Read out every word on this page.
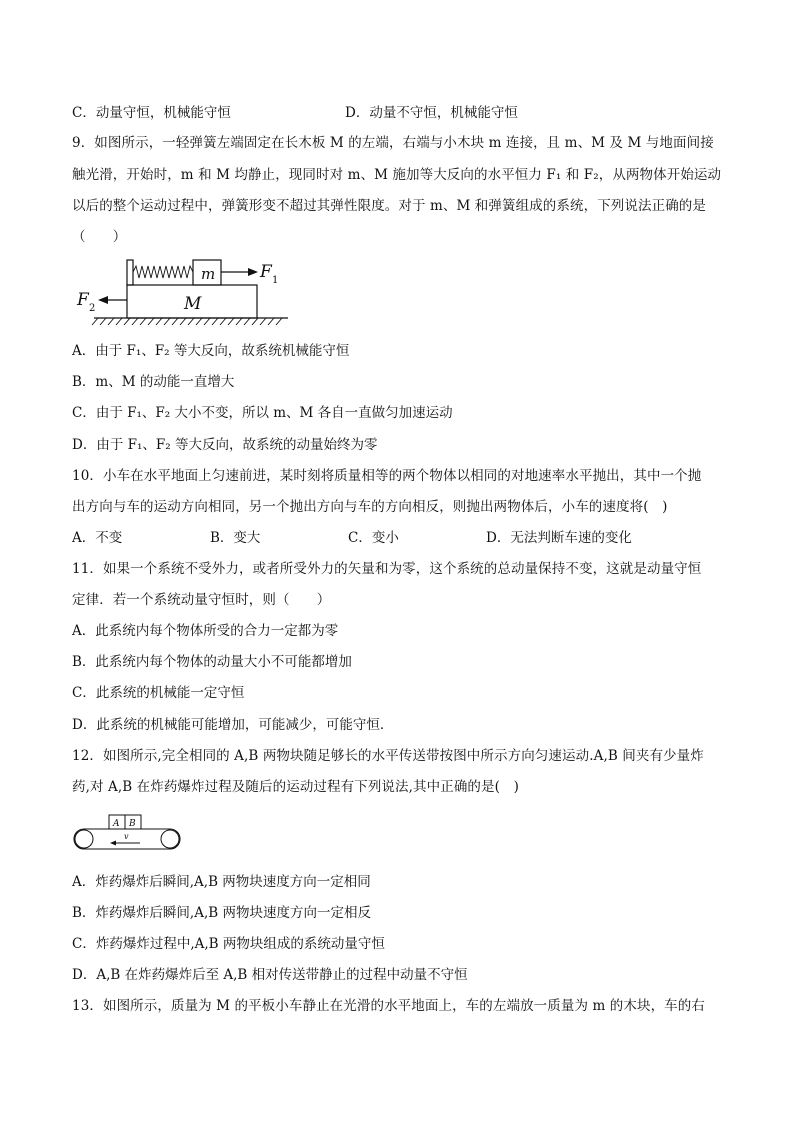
C．动量守恒，机械能守恒	D．动量不守恒，机械能守恒
9．如图所示，一轻弹簧左端固定在长木板 M 的左端，右端与小木块 m 连接，且 m、M 及 M 与地面间接
触光滑，开始时，m 和 M 均静止，现同时对 m、M 施加等大反向的水平恒力 F₁ 和 F₂，从两物体开始运动
以后的整个运动过程中，弹簧形变不超过其弹性限度。对于 m、M 和弹簧组成的系统，下列说法正确的是
（　　）
m	F 1
M
F 2
A．由于 F₁、F₂ 等大反向，故系统机械能守恒
B．m、M 的动能一直增大
C．由于 F₁、F₂ 大小不变，所以 m、M 各自一直做匀加速运动
D．由于 F₁、F₂ 等大反向，故系统的动量始终为零
10．小车在水平地面上匀速前进，某时刻将质量相等的两个物体以相同的对地速率水平抛出，其中一个抛
出方向与车的运动方向相同，另一个抛出方向与车的方向相反，则抛出两物体后，小车的速度将(　)
A．不变	B．变大	C．变小	D．无法判断车速的变化
11．如果一个系统不受外力，或者所受外力的矢量和为零，这个系统的总动量保持不变，这就是动量守恒
定律．若一个系统动量守恒时，则（　　）
A．此系统内每个物体所受的合力一定都为零
B．此系统内每个物体的动量大小不可能都增加
C．此系统的机械能一定守恒
D．此系统的机械能可能增加，可能减少，可能守恒．
12．如图所示,完全相同的 A,B 两物块随足够长的水平传送带按图中所示方向匀速运动.A,B 间夹有少量炸
药,对 A,B 在炸药爆炸过程及随后的运动过程有下列说法,其中正确的是(　)
A B
v
A．炸药爆炸后瞬间,A,B 两物块速度方向一定相同
B．炸药爆炸后瞬间,A,B 两物块速度方向一定相反
C．炸药爆炸过程中,A,B 两物块组成的系统动量守恒
D．A,B 在炸药爆炸后至 A,B 相对传送带静止的过程中动量不守恒
13．如图所示，质量为 M 的平板小车静止在光滑的水平地面上，车的左端放一质量为 m 的木块，车的右
